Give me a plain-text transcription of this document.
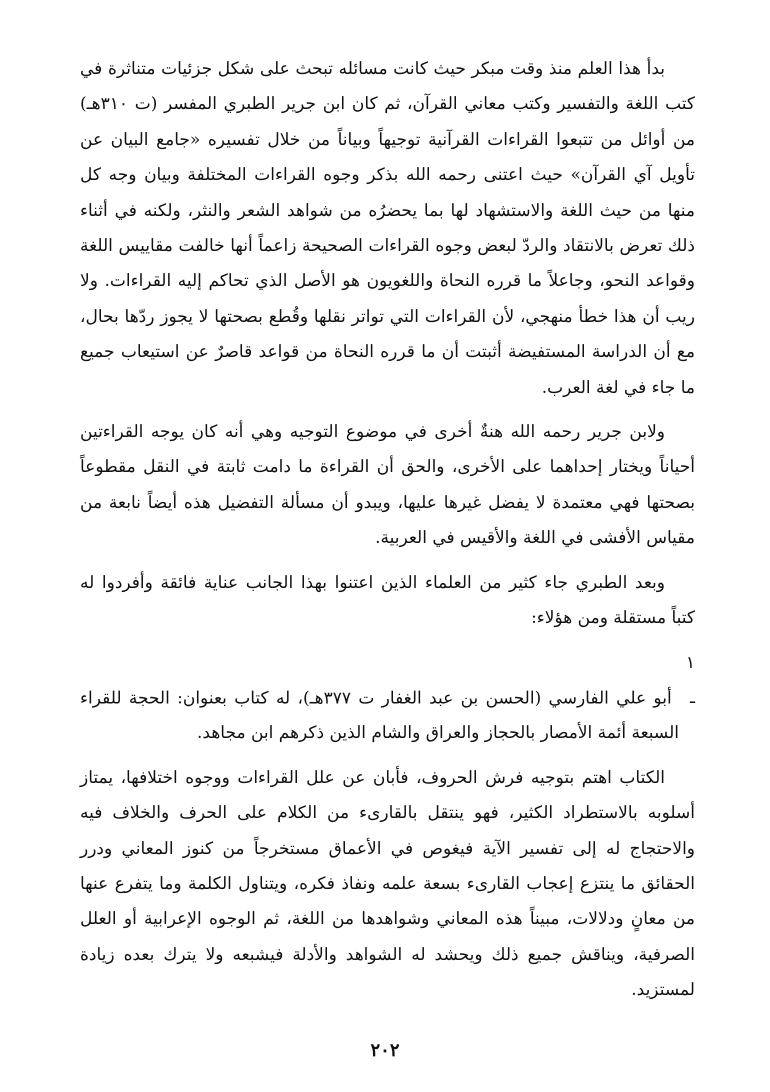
بدأ هذا العلم منذ وقت مبكر حيث كانت مسائله تبحث على شكل جزئيات متناثرة في كتب اللغة والتفسير وكتب معاني القرآن، ثم كان ابن جرير الطبري المفسر (ت ٣١٠هـ) من أوائل من تتبعوا القراءات القرآنية توجيهاً وبياناً من خلال تفسيره «جامع البيان عن تأويل آي القرآن» حيث اعتنى رحمه الله بذكر وجوه القراءات المختلفة وبيان وجه كل منها من حيث اللغة والاستشهاد لها بما يحضرُه من شواهد الشعر والنثر، ولكنه في أثناء ذلك تعرض بالانتقاد والردّ لبعض وجوه القراءات الصحيحة زاعماً أنها خالفت مقاييس اللغة وقواعد النحو، وجاعلاً ما قرره النحاة واللغويون هو الأصل الذي تحاكم إليه القراءات. ولا ريب أن هذا خطأ منهجي، لأن القراءات التي تواتر نقلها وقُطع بصحتها لا يجوز ردّها بحال، مع أن الدراسة المستفيضة أثبتت أن ما قرره النحاة من قواعد قاصرٌ عن استيعاب جميع ما جاء في لغة العرب.

ولابن جرير رحمه الله هنةٌ أخرى في موضوع التوجيه وهي أنه كان يوجه القراءتين أحياناً ويختار إحداهما على الأخرى، والحق أن القراءة ما دامت ثابتة في النقل مقطوعاً بصحتها فهي معتمدة لا يفضل غيرها عليها، ويبدو أن مسألة التفضيل هذه أيضاً نابعة من مقياس الأفشى في اللغة والأقيس في العربية.

وبعد الطبري جاء كثير من العلماء الذين اعتنوا بهذا الجانب عناية فائقة وأفردوا له كتباً مستقلة ومن هؤلاء:

١ ـ أبو علي الفارسي (الحسن بن عبد الغفار ت ٣٧٧هـ)، له كتاب بعنوان: الحجة للقراء السبعة أئمة الأمصار بالحجاز والعراق والشام الذين ذكرهم ابن مجاهد.

الكتاب اهتم بتوجيه فرش الحروف، فأبان عن علل القراءات ووجوه اختلافها، يمتاز أسلوبه بالاستطراد الكثير، فهو ينتقل بالقارىء من الكلام على الحرف والخلاف فيه والاحتجاج له إلى تفسير الآية فيغوص في الأعماق مستخرجاً من كنوز المعاني ودرر الحقائق ما ينتزع إعجاب القارىء بسعة علمه ونفاذ فكره، ويتناول الكلمة وما يتفرع عنها من معانٍ ودلالات، مبيناً هذه المعاني وشواهدها من اللغة، ثم الوجوه الإعرابية أو العلل الصرفية، ويناقش جميع ذلك ويحشد له الشواهد والأدلة فيشبعه ولا يترك بعده زيادة لمستزيد.

٢٠٢
